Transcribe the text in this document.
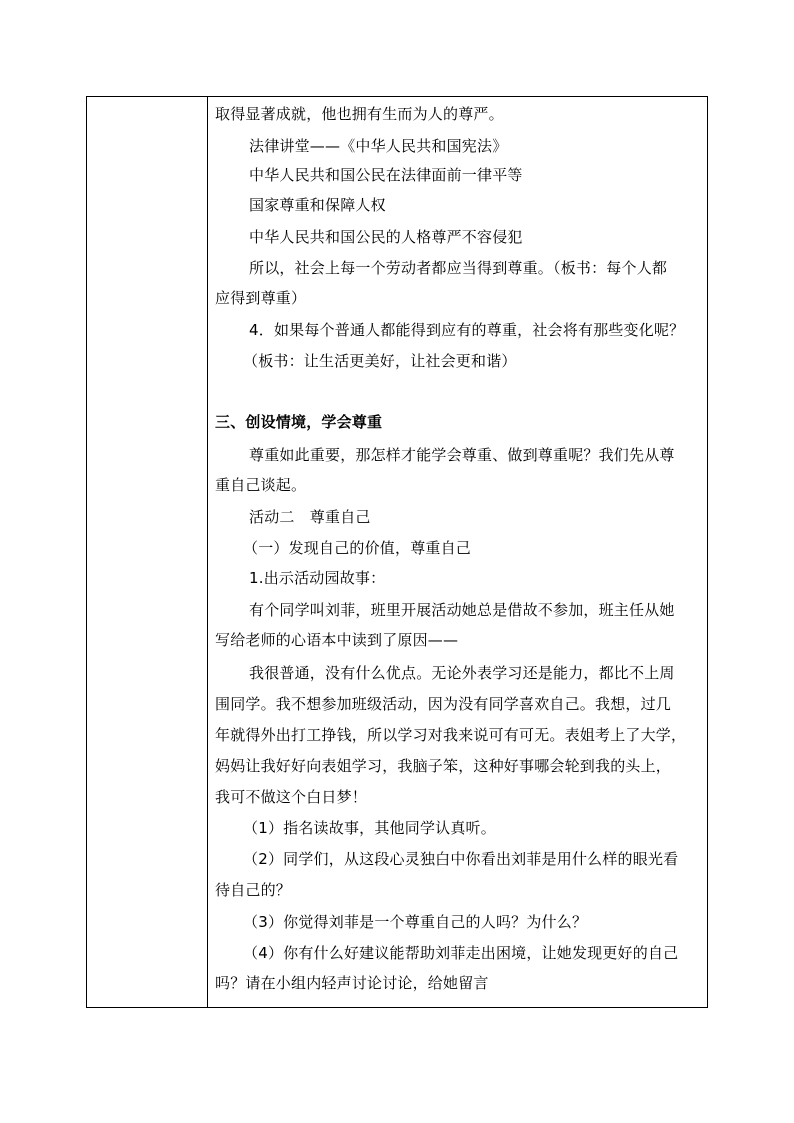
取得显著成就，他也拥有生而为人的尊严。
法律讲堂——《中华人民共和国宪法》
中华人民共和国公民在法律面前一律平等
国家尊重和保障人权
中华人民共和国公民的人格尊严不容侵犯
所以，社会上每一个劳动者都应当得到尊重。（板书：每个人都
应得到尊重）
4．如果每个普通人都能得到应有的尊重，社会将有那些变化呢？
（板书：让生活更美好，让社会更和谐）
三、创设情境，学会尊重
尊重如此重要，那怎样才能学会尊重、做到尊重呢？我们先从尊
重自己谈起。
活动二　尊重自己
（一）发现自己的价值，尊重自己
1.出示活动园故事：
有个同学叫刘菲，班里开展活动她总是借故不参加，班主任从她
写给老师的心语本中读到了原因——
我很普通，没有什么优点。无论外表学习还是能力，都比不上周
围同学。我不想参加班级活动，因为没有同学喜欢自己。我想，过几
年就得外出打工挣钱，所以学习对我来说可有可无。表姐考上了大学，
妈妈让我好好向表姐学习，我脑子笨，这种好事哪会轮到我的头上，
我可不做这个白日梦！
（1）指名读故事，其他同学认真听。
（2）同学们，从这段心灵独白中你看出刘菲是用什么样的眼光看
待自己的？
（3）你觉得刘菲是一个尊重自己的人吗？为什么？
（4）你有什么好建议能帮助刘菲走出困境，让她发现更好的自己
吗？请在小组内轻声讨论讨论，给她留言
